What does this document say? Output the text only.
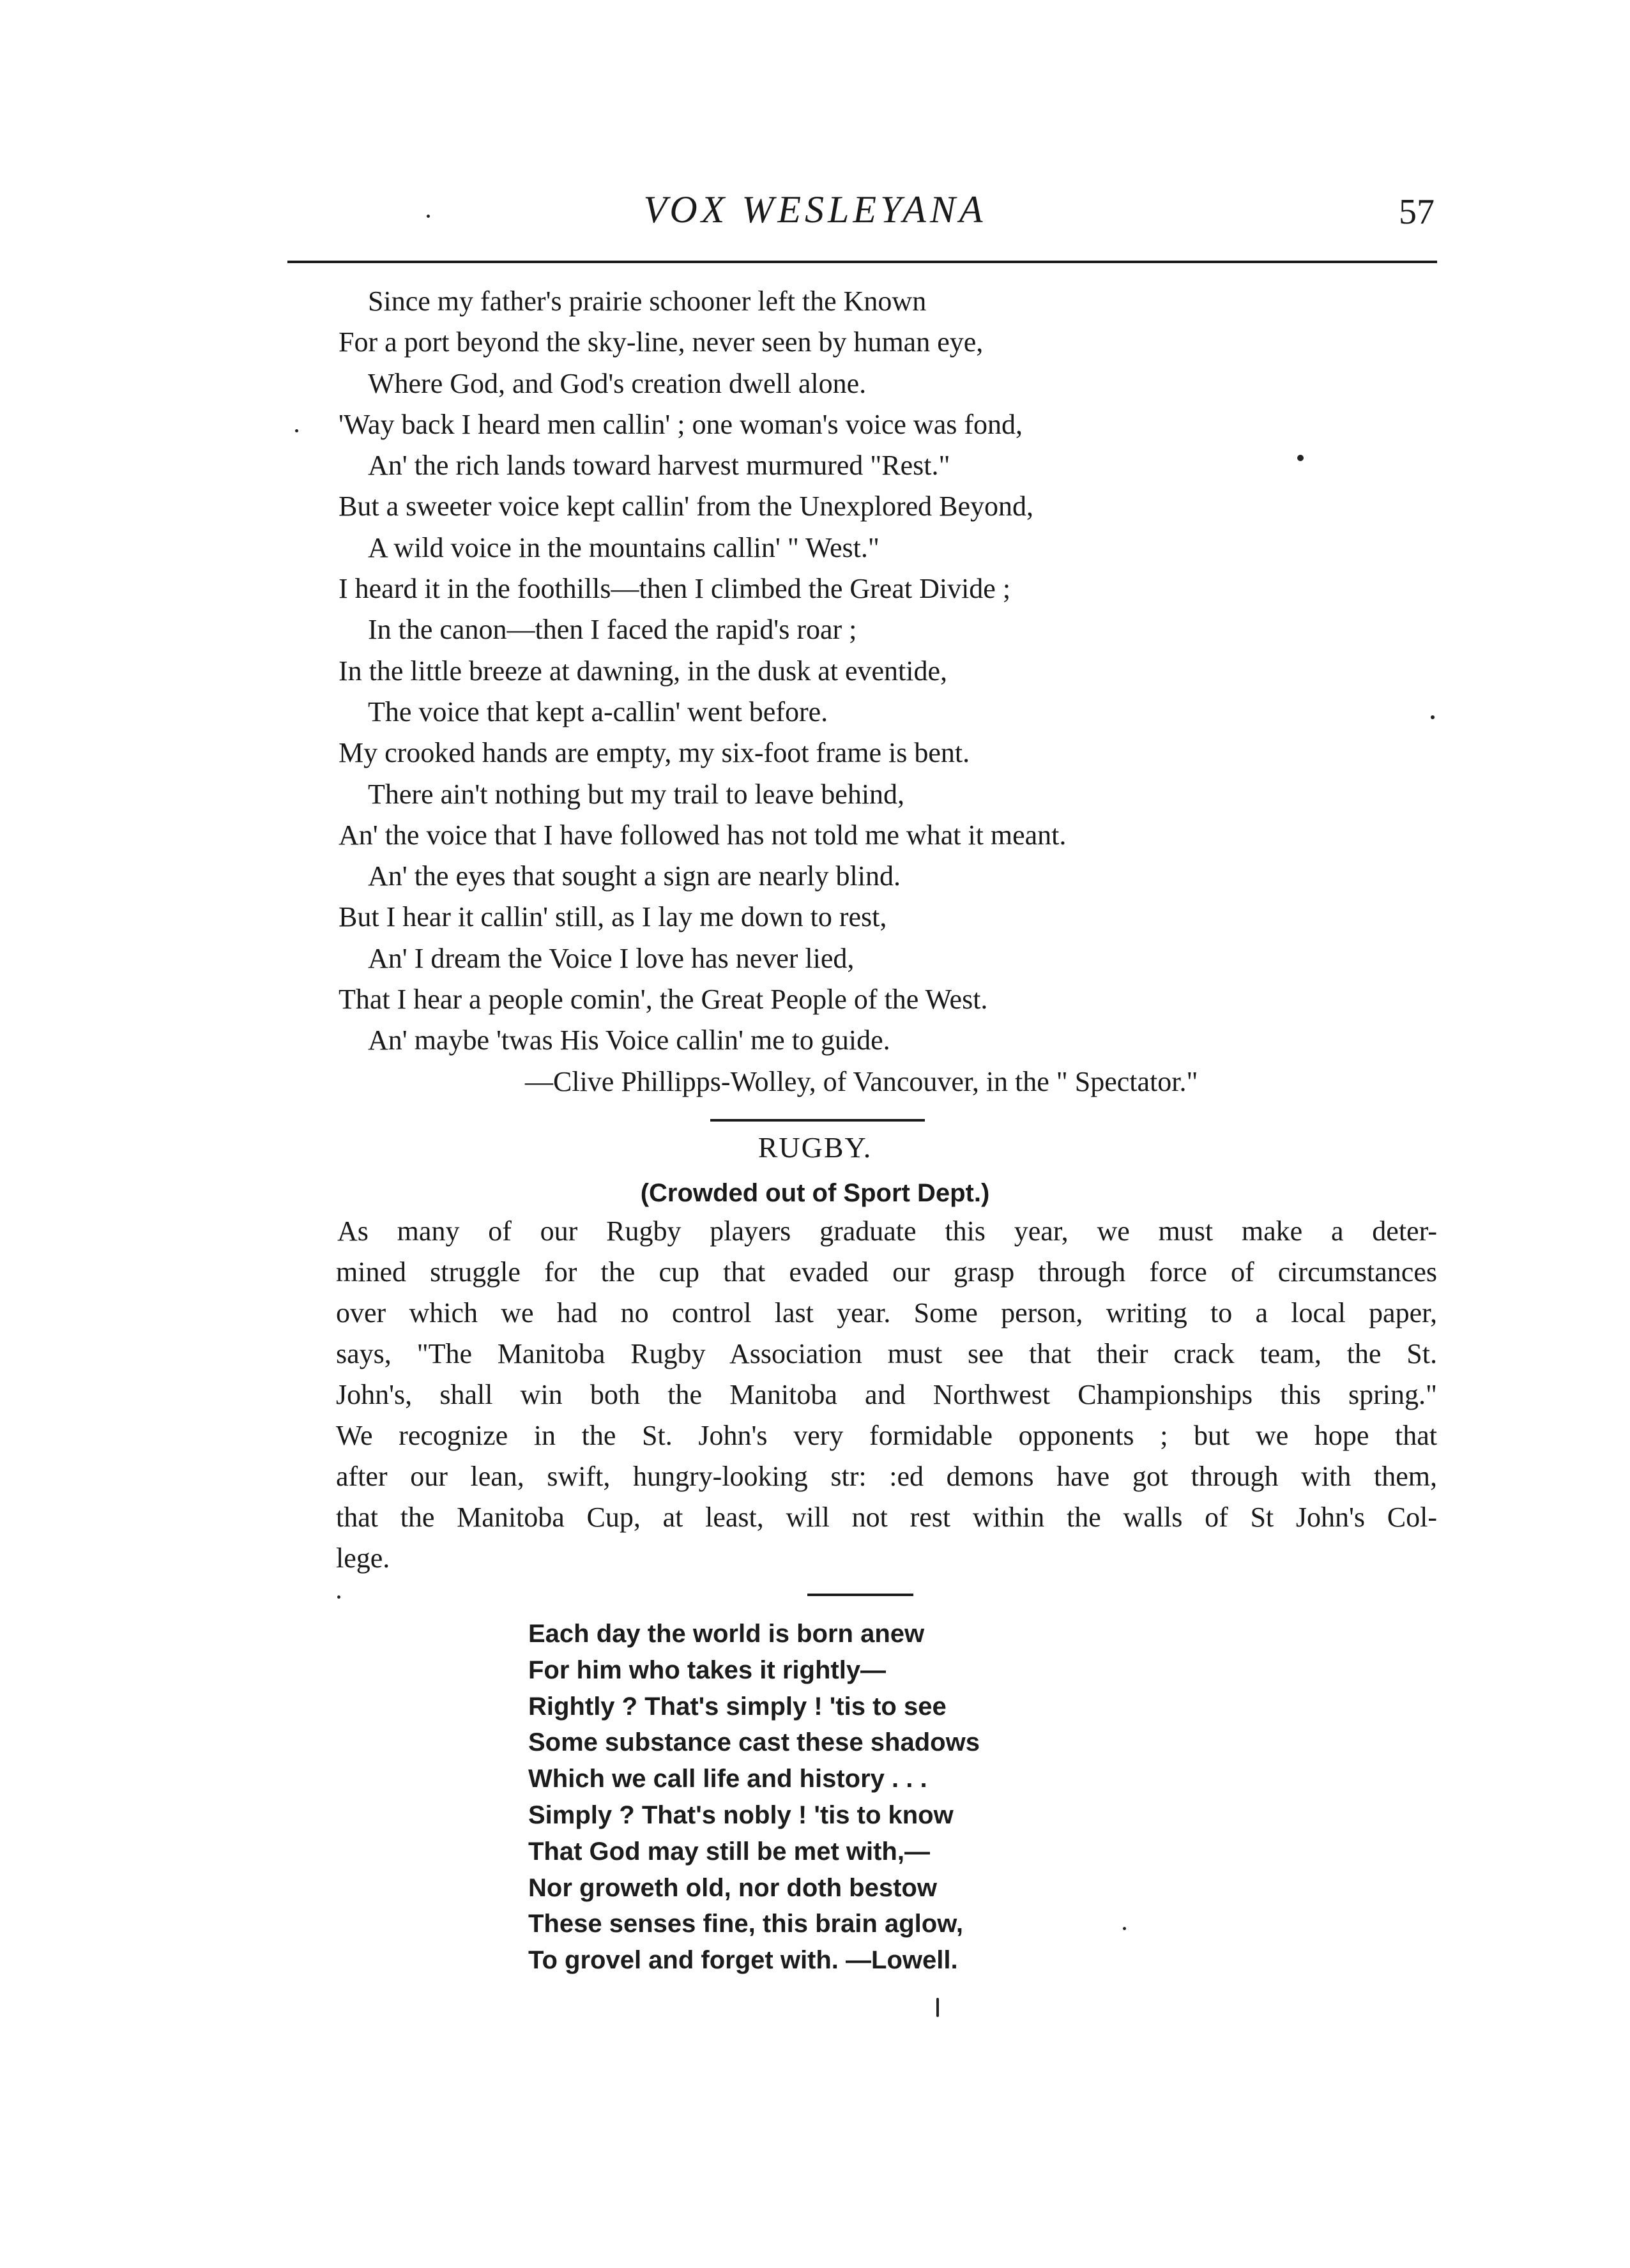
VOX WESLEYANA	57
Since my father's prairie schooner left the Known
For a port beyond the sky-line, never seen by human eye,
Where God, and God's creation dwell alone.
'Way back I heard men callin' ; one woman's voice was fond,
An' the rich lands toward harvest murmured "Rest."
But a sweeter voice kept callin' from the Unexplored Beyond,
A wild voice in the mountains callin' " West."
I heard it in the foothills—then I climbed the Great Divide ;
In the canon—then I faced the rapid's roar ;
In the little breeze at dawning, in the dusk at eventide,
The voice that kept a-callin' went before.
My crooked hands are empty, my six-foot frame is bent.
There ain't nothing but my trail to leave behind,
An' the voice that I have followed has not told me what it meant.
An' the eyes that sought a sign are nearly blind.
But I hear it callin' still, as I lay me down to rest,
An' I dream the Voice I love has never lied,
That I hear a people comin', the Great People of the West.
An' maybe 'twas His Voice callin' me to guide.
—Clive Phillipps-Wolley, of Vancouver, in the " Spectator."
RUGBY.
(Crowded out of Sport Dept.)
As many of our Rugby players graduate this year, we must make a deter-
mined struggle for the cup that evaded our grasp through force of circumstances
over which we had no control last year. Some person, writing to a local paper,
says, "The Manitoba Rugby Association must see that their crack team, the St.
John's, shall win both the Manitoba and Northwest Championships this spring."
We recognize in the St. John's very formidable opponents ; but we hope that
after our lean, swift, hungry-looking str: :ed demons have got through with them,
that the Manitoba Cup, at least, will not rest within the walls of St John's Col-
lege.
Each day the world is born anew
For him who takes it rightly—
Rightly ? That's simply ! 'tis to see
Some substance cast these shadows
Which we call life and history . . .
Simply ? That's nobly ! 'tis to know
That God may still be met with,—
Nor groweth old, nor doth bestow
These senses fine, this brain aglow,
To grovel and forget with. —Lowell.
